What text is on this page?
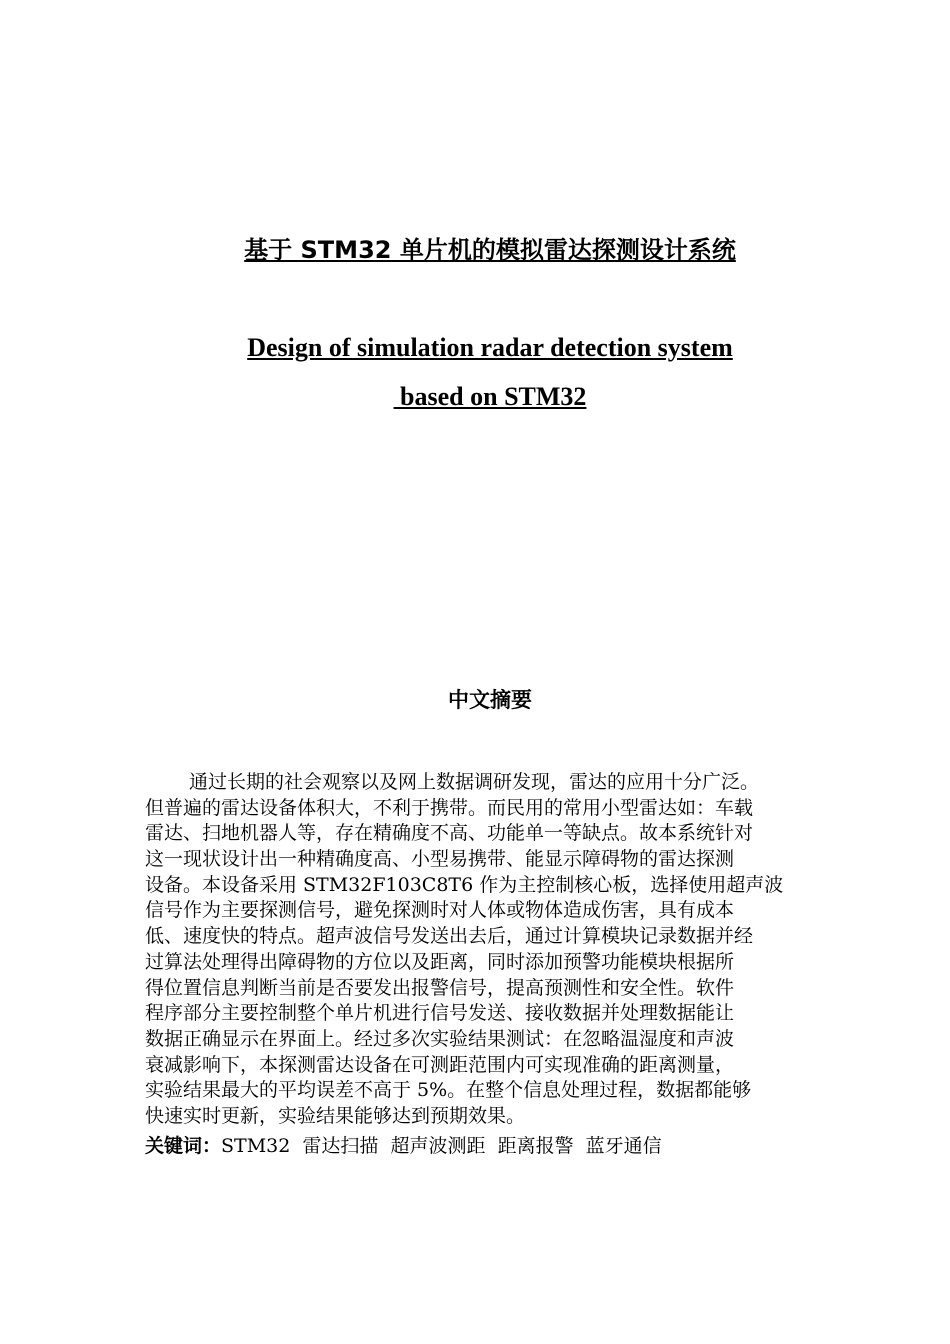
基于 STM32 单片机的模拟雷达探测设计系统
Design of simulation radar detection system
based on STM32
中文摘要
通过长期的社会观察以及网上数据调研发现，雷达的应用十分广泛。
但普遍的雷达设备体积大，不利于携带。而民用的常用小型雷达如：车载
雷达、扫地机器人等，存在精确度不高、功能单一等缺点。故本系统针对
这一现状设计出一种精确度高、小型易携带、能显示障碍物的雷达探测
设备。本设备采用 STM32F103C8T6 作为主控制核心板，选择使用超声波
信号作为主要探测信号，避免探测时对人体或物体造成伤害，具有成本
低、速度快的特点。超声波信号发送出去后，通过计算模块记录数据并经
过算法处理得出障碍物的方位以及距离，同时添加预警功能模块根据所
得位置信息判断当前是否要发出报警信号，提高预测性和安全性。软件
程序部分主要控制整个单片机进行信号发送、接收数据并处理数据能让
数据正确显示在界面上。经过多次实验结果测试：在忽略温湿度和声波
衰减影响下，本探测雷达设备在可测距范围内可实现准确的距离测量，
实验结果最大的平均误差不高于 5%。在整个信息处理过程，数据都能够
快速实时更新，实验结果能够达到预期效果。
关键词：STM32  雷达扫描  超声波测距  距离报警  蓝牙通信
